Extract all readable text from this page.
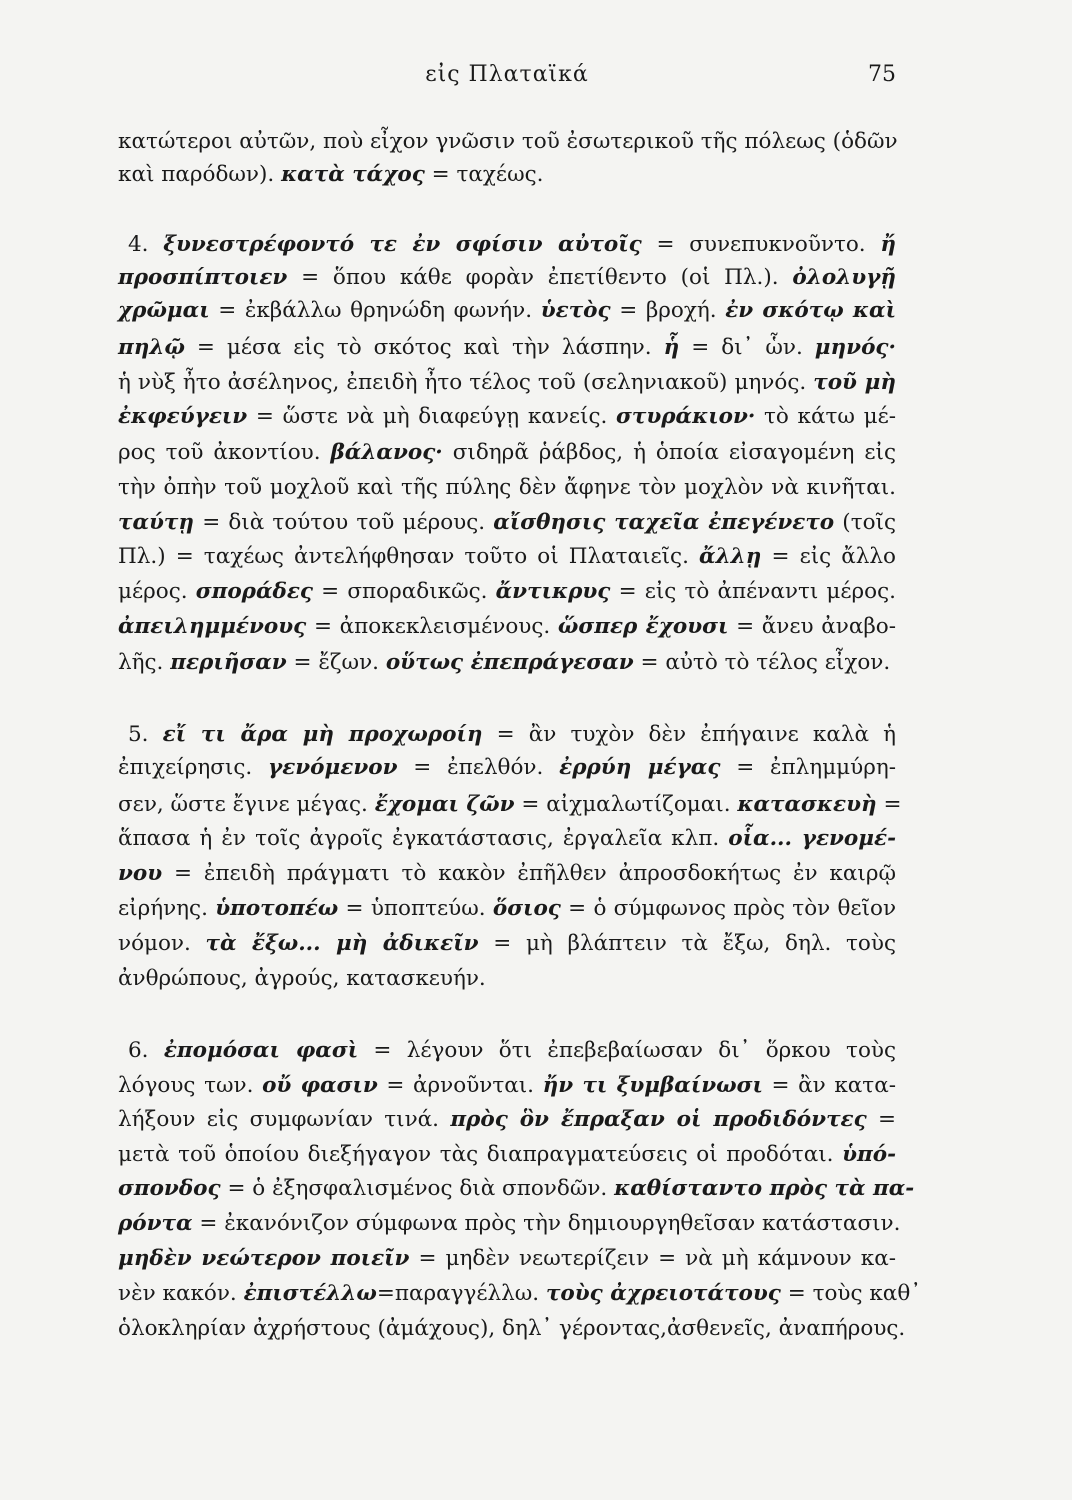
εἰς Πλαταϊκά	75
κατώτεροι αὐτῶν, ποὺ εἶχον γνῶσιν τοῦ ἐσωτερικοῦ τῆς πόλεως (ὁδῶν
καὶ παρόδων). κατὰ τάχος = ταχέως.
4. ξυνεστρέφοντό τε ἐν σφίσιν αὐτοῖς = συνεπυκνοῦντο. ἤ
προσπίπτοιεν = ὅπου κάθε φορὰν ἐπετίθεντο (οἱ Πλ.). ὀλολυγῇ
χρῶμαι = ἐκβάλλω θρηνώδη φωνήν. ὑετὸς = βροχή. ἐν σκότῳ καὶ
πηλῷ = μέσα εἰς τὸ σκότος καὶ τὴν λάσπην. ἧ = δι᾽ ὧν. μηνός·
ἡ νὺξ ἦτο ἀσέληνος, ἐπειδὴ ἦτο τέλος τοῦ (σεληνιακοῦ) μηνός. τοῦ μὴ
ἐκφεύγειν = ὥστε νὰ μὴ διαφεύγῃ κανείς. στυράκιον· τὸ κάτω μέ-
ρος τοῦ ἀκοντίου. βάλανος· σιδηρᾶ ῥάβδος, ἡ ὁποία εἰσαγομένη εἰς
τὴν ὀπὴν τοῦ μοχλοῦ καὶ τῆς πύλης δὲν ἄφηνε τὸν μοχλὸν νὰ κινῆται.
ταύτῃ = διὰ τούτου τοῦ μέρους. αἴσθησις ταχεῖα ἐπεγένετο (τοῖς
Πλ.) = ταχέως ἀντελήφθησαν τοῦτο οἱ Πλαταιεῖς. ἄλλῃ = εἰς ἄλλο
μέρος. σποράδες = σποραδικῶς. ἄντικρυς = εἰς τὸ ἀπέναντι μέρος.
ἀπειλημμένους = ἀποκεκλεισμένους. ὥσπερ ἔχουσι = ἄνευ ἀναβο-
λῆς. περιῆσαν = ἔζων. οὕτως ἐπεπράγεσαν = αὐτὸ τὸ τέλος εἶχον.
5. εἴ τι ἄρα μὴ προχωροίη = ἂν τυχὸν δὲν ἐπήγαινε καλὰ ἡ
ἐπιχείρησις. γενόμενον = ἐπελθόν. ἐρρύη μέγας = ἐπλημμύρη-
σεν, ὥστε ἔγινε μέγας. ἔχομαι ζῶν = αἰχμαλωτίζομαι. κατασκευὴ =
ἅπασα ἡ ἐν τοῖς ἀγροῖς ἐγκατάστασις, ἐργαλεῖα κλπ. οἷα... γενομέ-
νου = ἐπειδὴ πράγματι τὸ κακὸν ἐπῆλθεν ἀπροσδοκήτως ἐν καιρῷ
εἰρήνης. ὑποτοπέω = ὑποπτεύω. ὅσιος = ὁ σύμφωνος πρὸς τὸν θεῖον
νόμον. τὰ ἔξω... μὴ ἀδικεῖν = μὴ βλάπτειν τὰ ἔξω, δηλ. τοὺς
ἀνθρώπους, ἀγρούς, κατασκευήν.
6. ἐπομόσαι φασὶ = λέγουν ὅτι ἐπεβεβαίωσαν δι᾽ ὅρκου τοὺς
λόγους των. οὔ φασιν = ἀρνοῦνται. ἤν τι ξυμβαίνωσι = ἂν κατα-
λήξουν εἰς συμφωνίαν τινά. πρὸς ὃν ἔπραξαν οἱ προδιδόντες =
μετὰ τοῦ ὁποίου διεξήγαγον τὰς διαπραγματεύσεις οἱ προδόται. ὑπό-
σπονδος = ὁ ἐξησφαλισμένος διὰ σπονδῶν. καθίσταντο πρὸς τὰ πα-
ρόντα = ἐκανόνιζον σύμφωνα πρὸς τὴν δημιουργηθεῖσαν κατάστασιν.
μηδὲν νεώτερον ποιεῖν = μηδὲν νεωτερίζειν = νὰ μὴ κάμνουν κα-
νὲν κακόν. ἐπιστέλλω=παραγγέλλω. τοὺς ἀχρειοτάτους = τοὺς καθ᾽
ὁλοκληρίαν ἀχρήστους (ἀμάχους), δηλ᾽ γέροντας,ἀσθενεῖς, ἀναπήρους.
